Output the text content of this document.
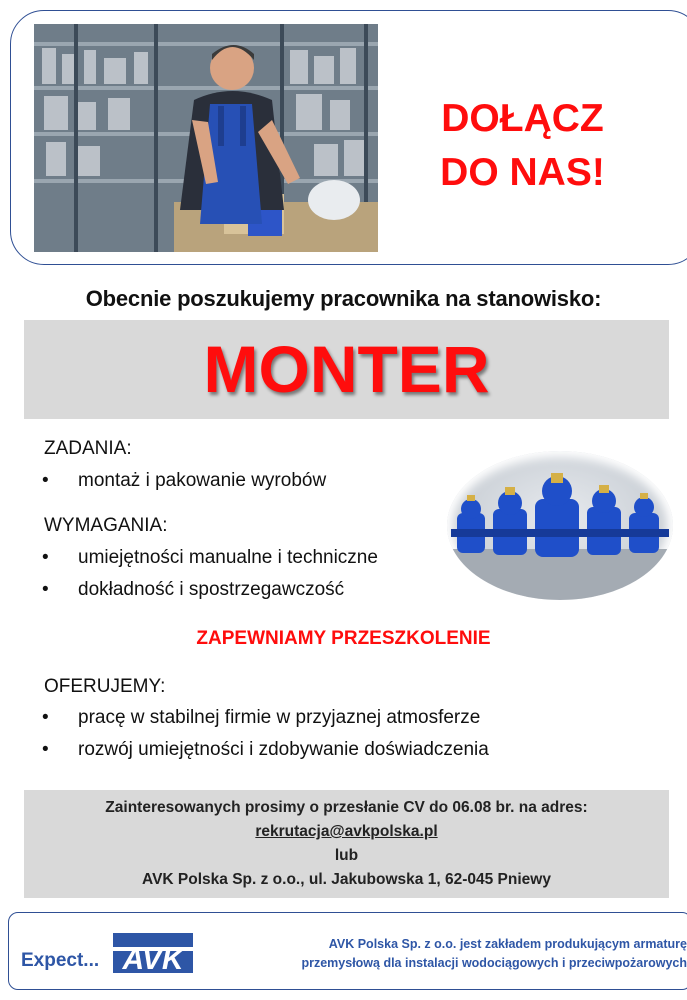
DOŁĄCZ
DO NAS!
Obecnie poszukujemy pracownika na stanowisko:
MONTER
ZADANIA:
• montaż i pakowanie wyrobów
WYMAGANIA:
• umiejętności manualne i techniczne
• dokładność i spostrzegawczość
ZAPEWNIAMY PRZESZKOLENIE
OFERUJEMY:
• pracę w stabilnej firmie w przyjaznej atmosferze
• rozwój umiejętności i zdobywanie doświadczenia
Zainteresowanych prosimy o przesłanie CV do 06.08 br. na adres:
rekrutacja@avkpolska.pl
lub
AVK Polska Sp. z o.o., ul. Jakubowska 1, 62-045 Pniewy
Expect... AVK	AVK Polska Sp. z o.o. jest zakładem produkującym armaturę
przemysłową dla instalacji wodociągowych i przeciwpożarowych
